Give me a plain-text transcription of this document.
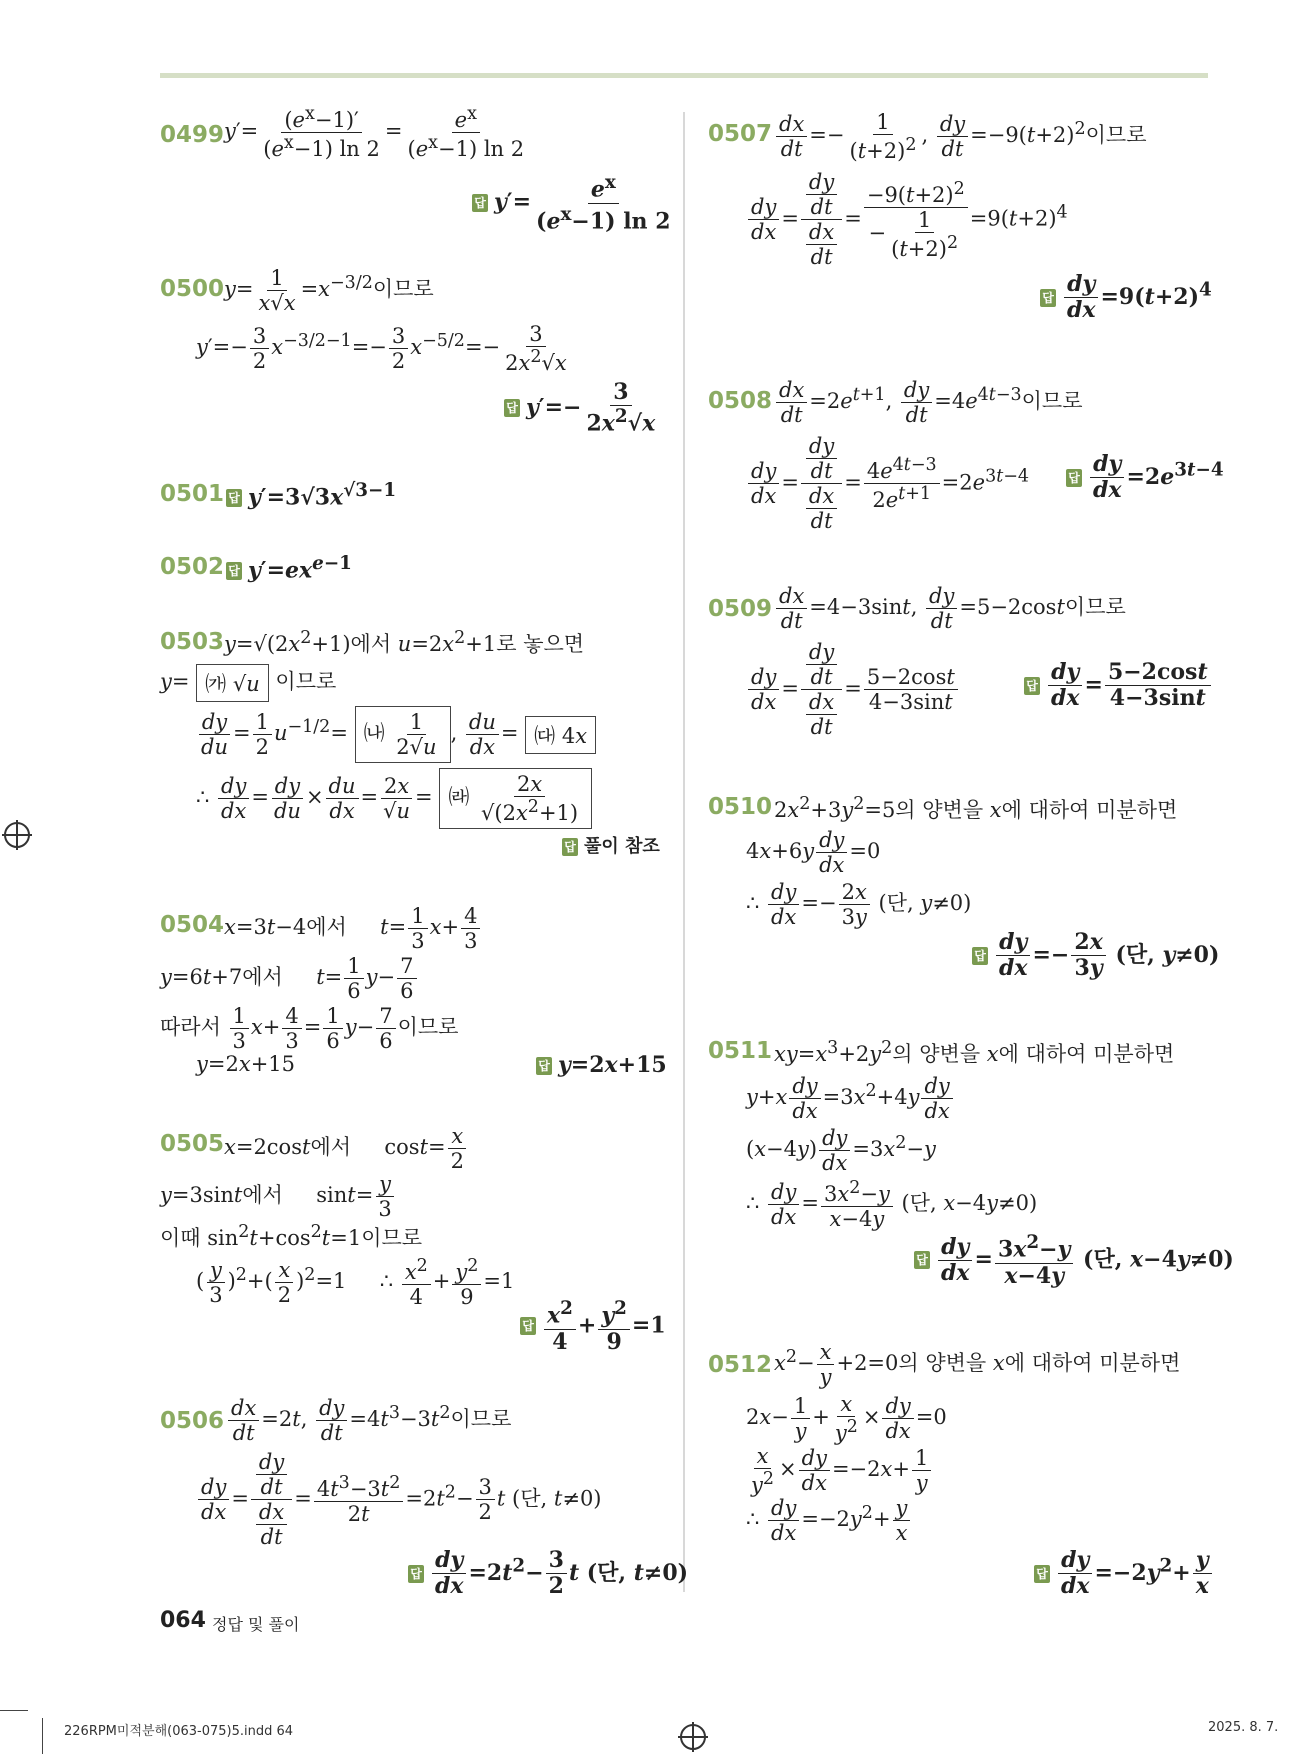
0499 $y'= \frac{(e^x-1)'}{(e^x-1) \ln 2} = \frac{e^x}{(e^x-1) \ln 2}$
답 $y'= \frac{e^x}{(e^x-1) \ln 2}$
0500 $y= \frac{1}{x√x} =x^{-3/2}$이므로
$y'=- \frac{3}{2} x^{-3/2-1}=- \frac{3}{2} x^{-5/2}=- \frac{3}{2x^2√x}$
답 $y'=- \frac{3}{2x^2√x}$
0501 답 $y'=3√3x^{√3-1}$
0502 답 $y'=ex^{e-1}$
0503 $y=√(2x^2+1)$에서 $u=2x^2+1$로 놓으면
y= ㈎ √u 이므로
$\frac{dy}{du} = \frac{1}{2} u^{-1/2}=$ ㈏ $\frac{1}{2√u}$ , $\frac{du}{dx}$ = ㈐ 4x
∴ $\frac{dy}{dx} = \frac{dy}{du} \times \frac{du}{dx} = \frac{2x}{√u}$ = ㈑ $\frac{2x}{√(2x^2+1)}$
답 풀이 참조
0504 x=3t−4에서     $t= \frac{1}{3} x+ \frac{4}{3}$
y=6t+7에서     $t= \frac{1}{6} y- \frac{7}{6}$
따라서 $\frac{1}{3} x+ \frac{4}{3} = \frac{1}{6} y- \frac{7}{6}$ 이므로
y=2x+15	답 y=2x+15
0505 x=2cost에서     $\cos t= \frac{x}{2}$
y=3sint에서     $\sin t= \frac{y}{3}$
이때 $\sin^2t+\cos^2t=1$이므로
( $\frac{y}{3} )^2+( \frac{x}{2} )^2=1$     ∴ $\frac{x^2}{4} + \frac{y^2}{9} =1$
답 $\frac{x^2}{4} + \frac{y^2}{9} =1$
$0506 \frac{dx}{dt} =2t$, $\frac{dy}{dt} =4t^3-3t^2$이므로
$\frac{dy}{dx} = \frac{\frac{dy}{dt}}{\frac{dx}{dt}} = \frac{4t^3-3t^2}{2t} =2t^2- \frac{3}{2}$ t (단, t≠0)
답 $\frac{dy}{dx} =2t^2- \frac{3}{2}$ t (단, t≠0)
$0507 \frac{dx}{dt} =- \frac{1}{(t+2)^2}$ , $\frac{dy}{dt} =-9(t+2)^2$이므로
$\frac{dy}{dx} = \frac{\frac{dy}{dt}}{\frac{dx}{dt}} = \frac{-9(t+2)^2}{- \frac{1}{(t+2)^2}} =9(t+2)^4$
답 $\frac{dy}{dx} =9(t+2)^4$
$0508 \frac{dx}{dt} =2e^{t+1}$, $\frac{dy}{dt} =4e^{4t-3}$이므로
$\frac{dy}{dx} = \frac{\frac{dy}{dt}}{\frac{dx}{dt}} = \frac{4e^{4t-3}}{2e^{t+1}} =2e^{3t-4}$	답 $\frac{dy}{dx} =2e^{3t-4}$
$0509 \frac{dx}{dt} =4-3\sin t$, $\frac{dy}{dt} =5-2\cos t$이므로
$\frac{dy}{dx} = \frac{\frac{dy}{dt}}{\frac{dx}{dt}} = \frac{5-2\cos t}{4-3\sin t}$	답 $\frac{dy}{dx} = \frac{5-2\cos t}{4-3\sin t}$
0510 $2x^2+3y^2=5$의 양변을 x에 대하여 미분하면
$4x+6y \frac{dy}{dx} =0$
∴ $\frac{dy}{dx} =- \frac{2x}{3y}$ (단, y≠0)
답 $\frac{dy}{dx} =- \frac{2x}{3y}$ (단, y≠0)
0511 $xy=x^3+2y^2$의 양변을 x에 대하여 미분하면
$y+x \frac{dy}{dx} =3x^2+4y \frac{dy}{dx}$
$(x-4y) \frac{dy}{dx} =3x^2-y$
∴ $\frac{dy}{dx} = \frac{3x^2-y}{x-4y}$ (단, x−4y≠0)
답 $\frac{dy}{dx} = \frac{3x^2-y}{x-4y}$ (단, x−4y≠0)
0512 $x^2- \frac{x}{y} +2=0$의 양변을 x에 대하여 미분하면
$2x- \frac{1}{y} + \frac{x}{y^2} \times \frac{dy}{dx} =0$
$\frac{x}{y^2} \times \frac{dy}{dx} =-2x+ \frac{1}{y}$
∴ $\frac{dy}{dx} =-2y^2+ \frac{y}{x}$
답 $\frac{dy}{dx} =-2y^2+ \frac{y}{x}$
064 정답 및 풀이
226RPM미적분해(063-075)5.indd 64	2025. 8. 7.
